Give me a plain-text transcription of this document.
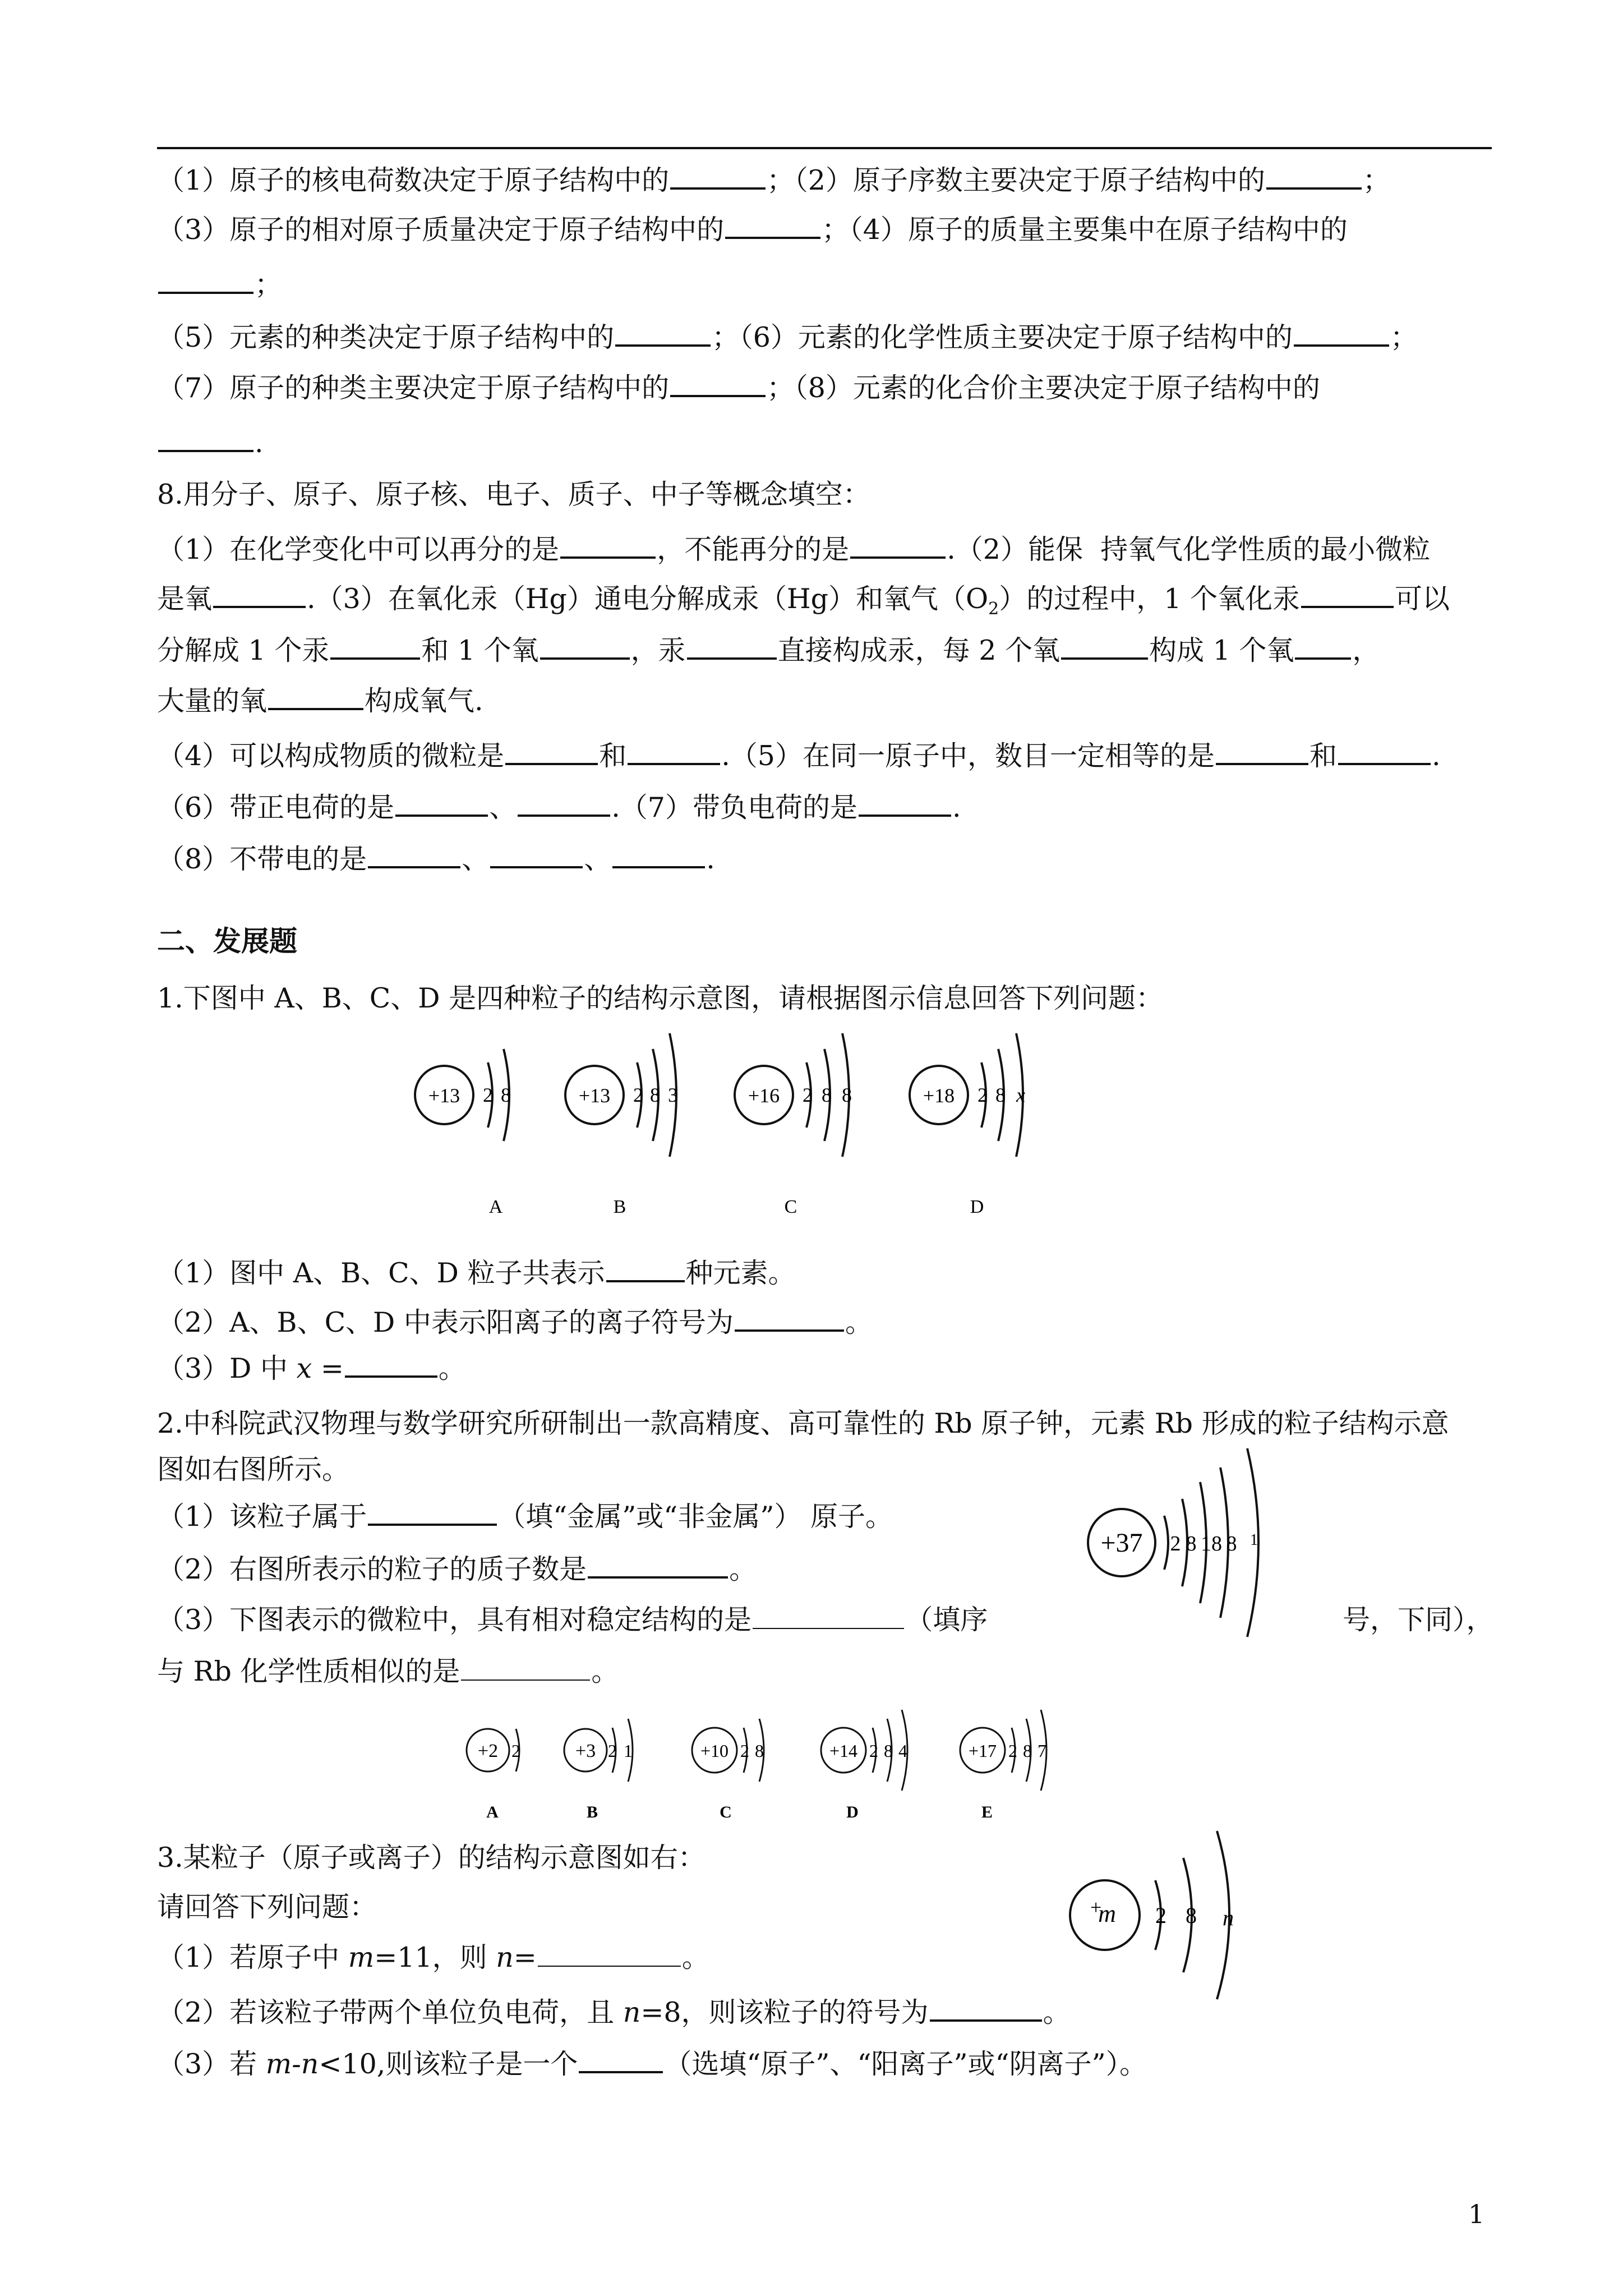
（1）原子的核电荷数决定于原子结构中的	；（2）原子序数主要决定于原子结构中的	；
（3）原子的相对原子质量决定于原子结构中的	；（4）原子的质量主要集中在原子结构中的
；
（5）元素的种类决定于原子结构中的	；（6）元素的化学性质主要决定于原子结构中的	；
（7）原子的种类主要决定于原子结构中的	；（8）元素的化合价主要决定于原子结构中的
.
8.用分子、原子、原子核、电子、质子、中子等概念填空：
（1）在化学变化中可以再分的是	，不能再分的是	.（2）能保  持氧气化学性质的最小微粒
是氧	.（3）在氧化汞（Hg）通电分解成汞（Hg）和氧气$(O_2)$的过程中，1 个氧化汞	可以
分解成 1 个汞	和 1 个氧	，汞	直接构成汞，每 2 个氧	构成 1 个氧 ，
大量的氧	构成氧气.
（4）可以构成物质的微粒是	和	.（5）在同一原子中，数目一定相等的是	和	.
（6）带正电荷的是	、	.（7）带负电荷的是	.
（8）不带电的是	、	、	.
二、发展题
1.下图中 A、B、C、D 是四种粒子的结构示意图，请根据图示信息回答下列问题：
+13 2 8
A
+13 2 8 3
B
+16 2 8 8
C
+18 2 8 x
D
（1）图中 A、B、C、D 粒子共表示	种元素。
（2）A、B、C、D 中表示阳离子的离子符号为	。
（3）D 中 x =	。
2.中科院武汉物理与数学研究所研制出一款高精度、高可靠性的 Rb 原子钟，元素 Rb 形成的粒子结构示意
图如右图所示。
（1）该粒子属于	（填“金属”或“非金属”） 原子。
（2）右图所表示的粒子的质子数是	。
（3）下图表示的微粒中，具有相对稳定结构的是	（填序	号，下同），
与 Rb 化学性质相似的是	。
+37 2 8 18 8 1
+2 2
A
+3 2 1
B
+10 2 8
C
+14 2 8 4
D
+17 2 8 7
E
3.某粒子（原子或离子）的结构示意图如右：
请回答下列问题：
（1）若原子中 m=11，则 n=	。
（2）若该粒子带两个单位负电荷，且 n=8，则该粒子的符号为	。
（3）若 m-n<10,则该粒子是一个	（选填“原子”、“阳离子”或“阴离子”）。
+
m 2 8 n
1
